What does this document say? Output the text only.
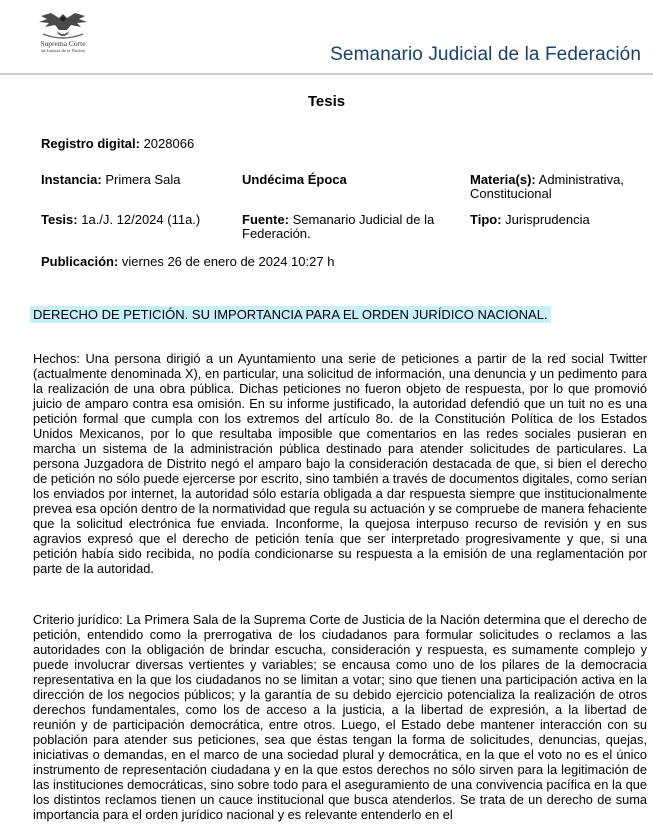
Suprema Corte
de Justicia de la Nación	Semanario Judicial de la Federación
Tesis
Registro digital: 2028066
Instancia: Primera Sala	Undécima Época	Materia(s): Administrativa,
Constitucional
Tesis: 1a./J. 12/2024 (11a.)	Fuente: Semanario Judicial de la
Federación.
Tipo: Jurisprudencia
Publicación: viernes 26 de enero de 2024 10:27 h
DERECHO DE PETICIÓN. SU IMPORTANCIA PARA EL ORDEN JURÍDICO NACIONAL.

Hechos: Una persona dirigió a un Ayuntamiento una serie de peticiones a partir de la red social Twitter (actualmente denominada X), en particular, una solicitud de información, una denuncia y un pedimento para la realización de una obra pública. Dichas peticiones no fueron objeto de respuesta, por lo que promovió juicio de amparo contra esa omisión. En su informe justificado, la autoridad defendió que un tuit no es una petición formal que cumpla con los extremos del artículo 8o. de la Constitución Política de los Estados Unidos Mexicanos, por lo que resultaba imposible que comentarios en las redes sociales pusieran en marcha un sistema de la administración pública destinado para atender solicitudes de particulares. La persona Juzgadora de Distrito negó el amparo bajo la consideración destacada de que, si bien el derecho de petición no sólo puede ejercerse por escrito, sino también a través de documentos digitales, como serían los enviados por internet, la autoridad sólo estaría obligada a dar respuesta siempre que institucionalmente prevea esa opción dentro de la normatividad que regula su actuación y se compruebe de manera fehaciente que la solicitud electrónica fue enviada. Inconforme, la quejosa interpuso recurso de revisión y en sus agravios expresó que el derecho de petición tenía que ser interpretado progresivamente y que, si una petición había sido recibida, no podía condicionarse su respuesta a la emisión de una reglamentación por parte de la autoridad.

Criterio jurídico: La Primera Sala de la Suprema Corte de Justicia de la Nación determina que el derecho de petición, entendido como la prerrogativa de los ciudadanos para formular solicitudes o reclamos a las autoridades con la obligación de brindar escucha, consideración y respuesta, es sumamente complejo y puede involucrar diversas vertientes y variables; se encausa como uno de los pilares de la democracia representativa en la que los ciudadanos no se limitan a votar; sino que tienen una participación activa en la dirección de los negocios públicos; y la garantía de su debido ejercicio potencializa la realización de otros derechos fundamentales, como los de acceso a la justicia, a la libertad de expresión, a la libertad de reunión y de participación democrática, entre otros. Luego, el Estado debe mantener interacción con su población para atender sus peticiones, sea que éstas tengan la forma de solicitudes, denuncias, quejas, iniciativas o demandas, en el marco de una sociedad plural y democrática, en la que el voto no es el único instrumento de representación ciudadana y en la que estos derechos no sólo sirven para la legitimación de las instituciones democráticas, sino sobre todo para el aseguramiento de una convivencia pacífica en la que los distintos reclamos tienen un cauce institucional que busca atenderlos. Se trata de un derecho de suma importancia para el orden jurídico nacional y es relevante entenderlo en el
